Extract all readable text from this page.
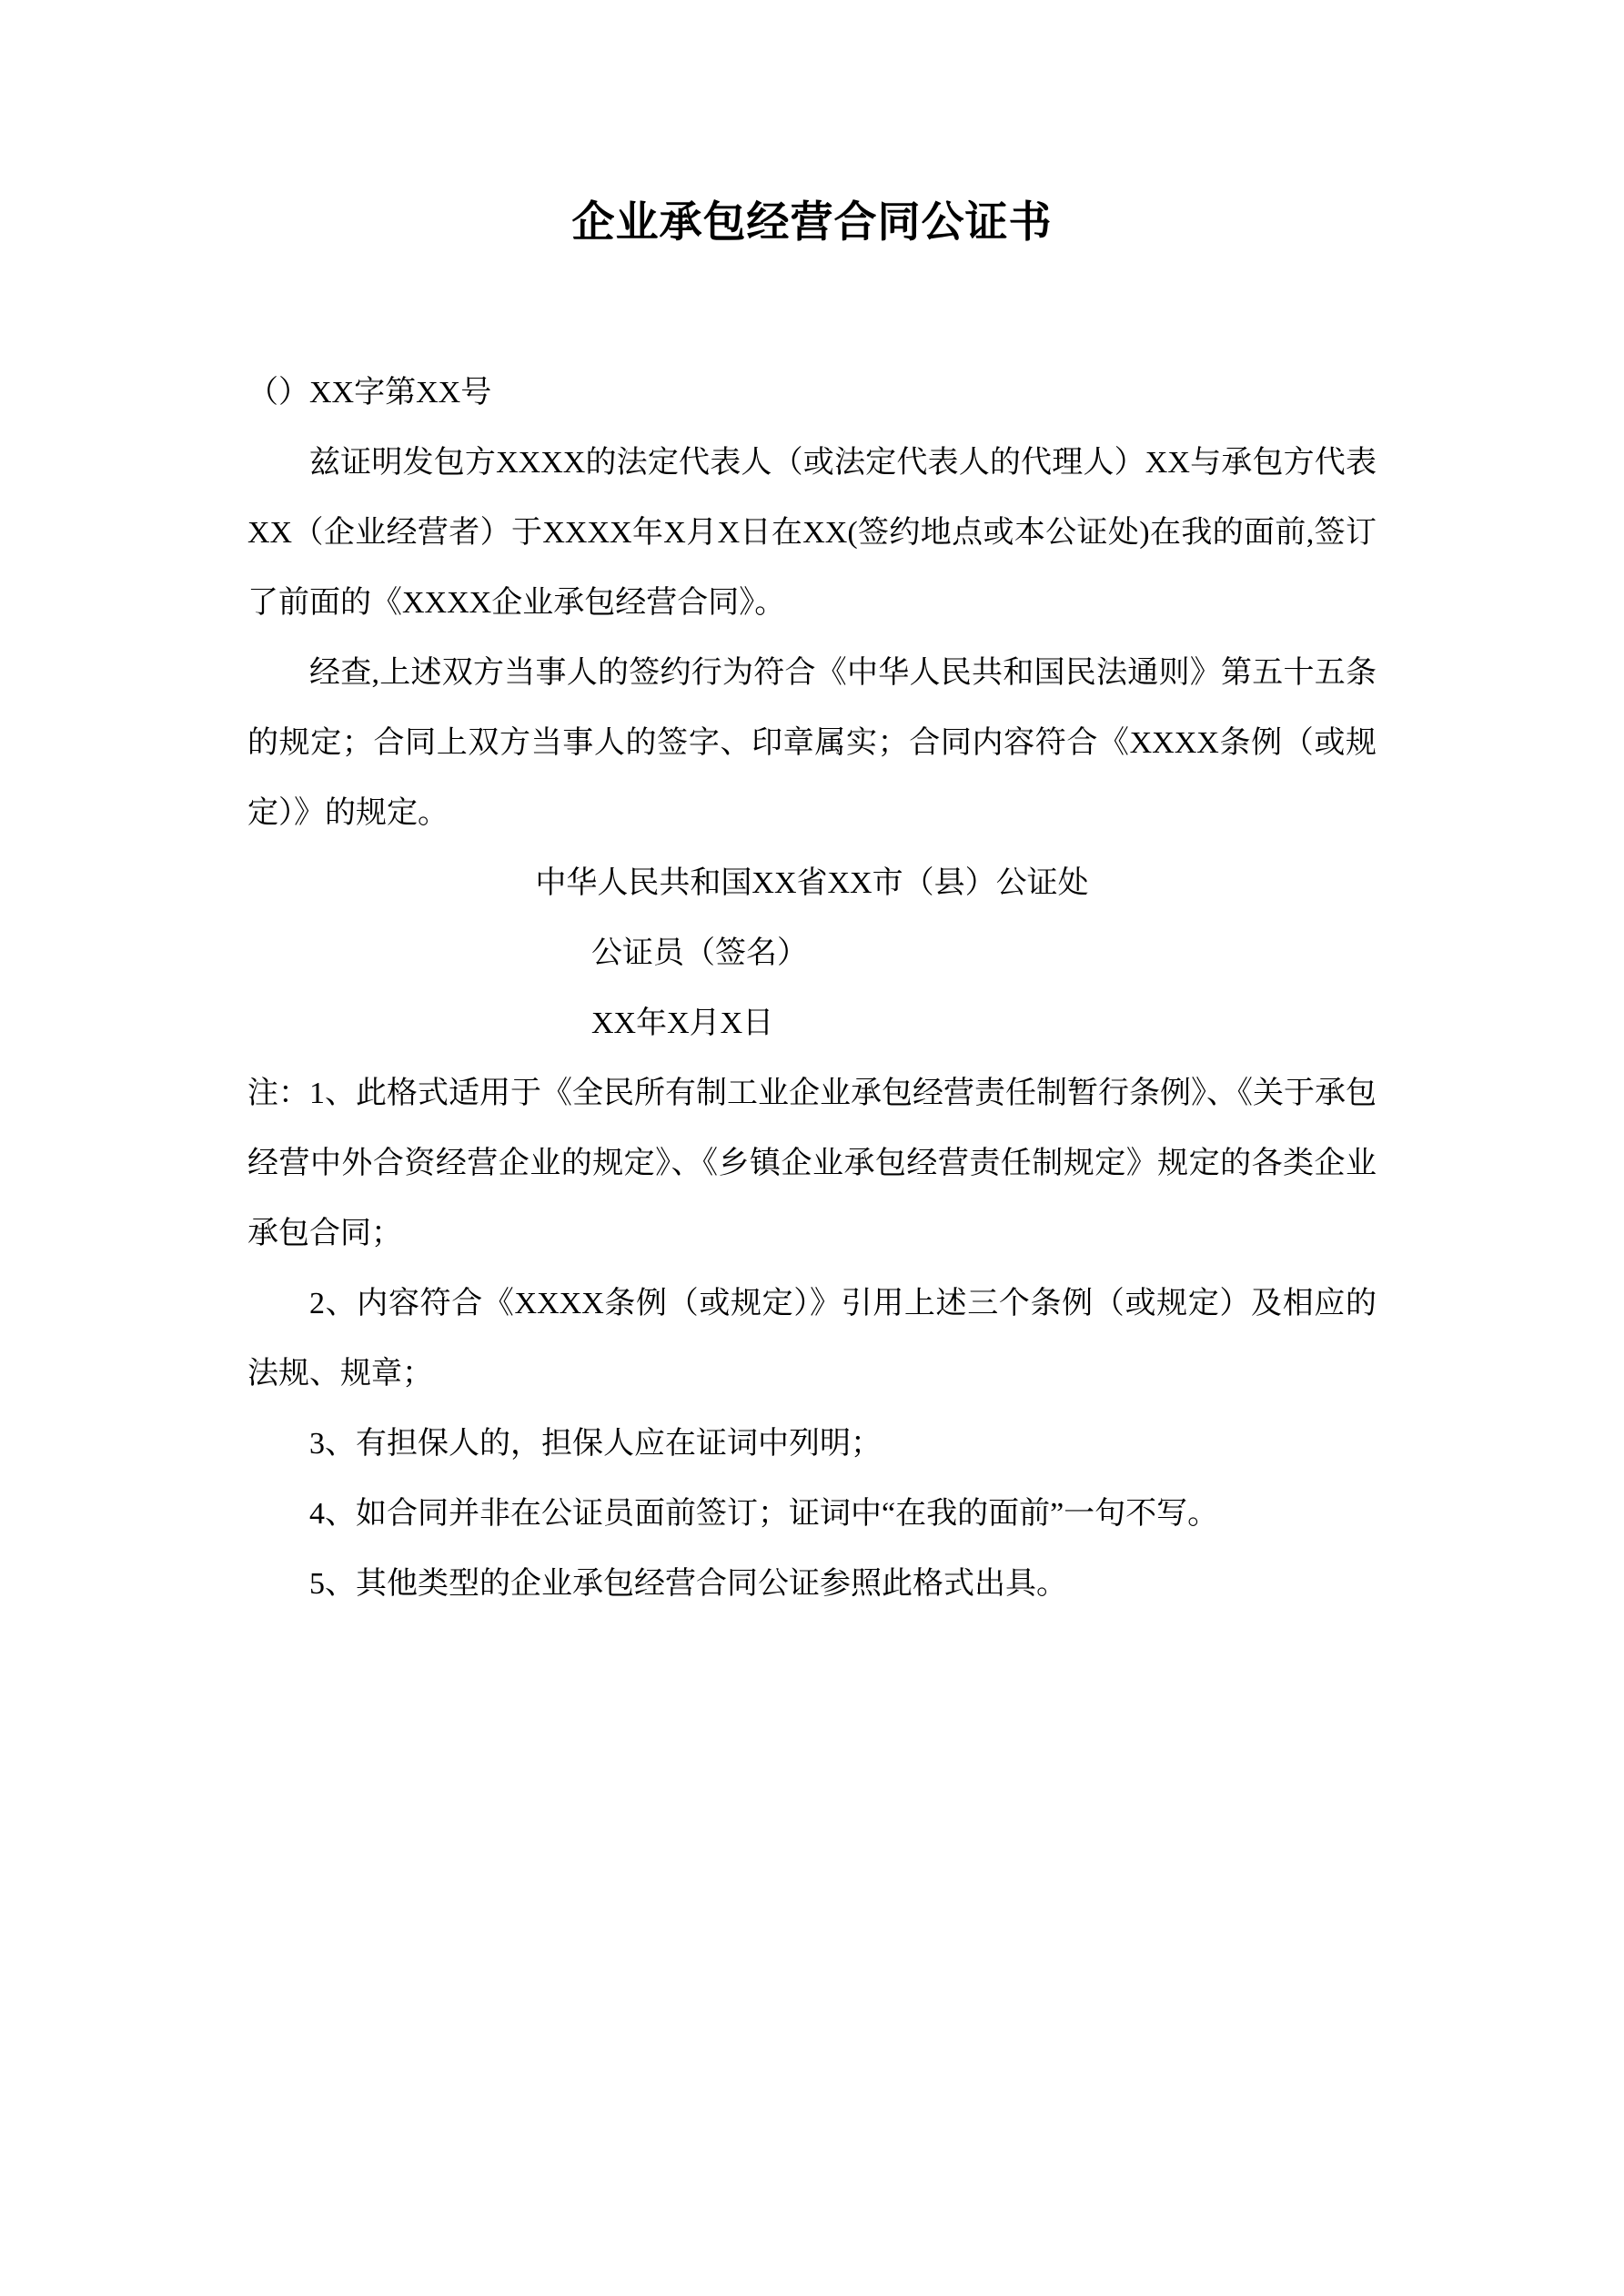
企业承包经营合同公证书

（）XX字第XX号

兹证明发包方XXXX的法定代表人（或法定代表人的代理人）XX与承包方代表XX（企业经营者）于XXXX年X月X日在XX(签约地点或本公证处)在我的面前,签订了前面的《XXXX企业承包经营合同》。

经查,上述双方当事人的签约行为符合《中华人民共和国民法通则》第五十五条的规定；合同上双方当事人的签字、印章属实；合同内容符合《XXXX条例（或规定）》的规定。

中华人民共和国XX省XX市（县）公证处

公证员（签名）

XX年X月X日

注：1、此格式适用于《全民所有制工业企业承包经营责任制暂行条例》、《关于承包经营中外合资经营企业的规定》、《乡镇企业承包经营责任制规定》规定的各类企业承包合同；

2、内容符合《XXXX条例（或规定）》引用上述三个条例（或规定）及相应的法规、规章；

3、有担保人的，担保人应在证词中列明；

4、如合同并非在公证员面前签订；证词中“在我的面前”一句不写。

5、其他类型的企业承包经营合同公证参照此格式出具。
